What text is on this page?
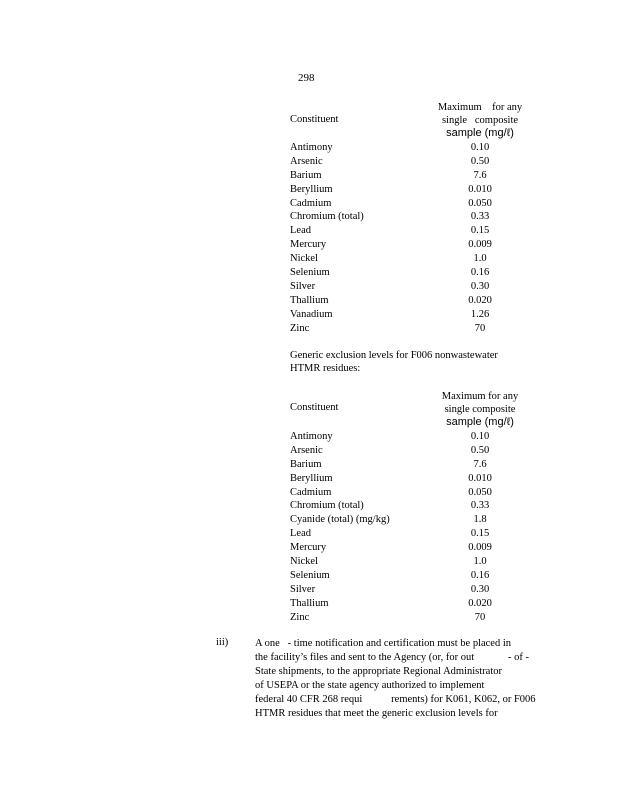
298
Constituent
Maximum    for any
single   composite
sample (mg/ℓ)
Antimony	0.10
Arsenic	0.50
Barium	7.6
Beryllium	0.010
Cadmium	0.050
Chromium (total)	0.33
Lead	0.15
Mercury	0.009
Nickel	1.0
Selenium	0.16
Silver	0.30
Thallium	0.020
Vanadium	1.26
Zinc	70
Generic exclusion levels for F006 nonwastewater
HTMR residues:
Constituent
Maximum for any
single composite
sample (mg/ℓ)
Antimony	0.10
Arsenic	0.50
Barium	7.6
Beryllium	0.010
Cadmium	0.050
Chromium (total)	0.33
Cyanide (total) (mg/kg)	1.8
Lead	0.15
Mercury	0.009
Nickel	1.0
Selenium	0.16
Silver	0.30
Thallium	0.020
Zinc	70
iii)	A one   - time notification and certification must be placed in
the facility’s files and sent to the Agency (or, for out
State shipments, to the appropriate Regional Administrator
of USEPA or the state agency authorized to implement
federal 40 CFR 268 requi           rements) for K061, K062, or F006
HTMR residues that meet the generic exclusion levels for
- of -
